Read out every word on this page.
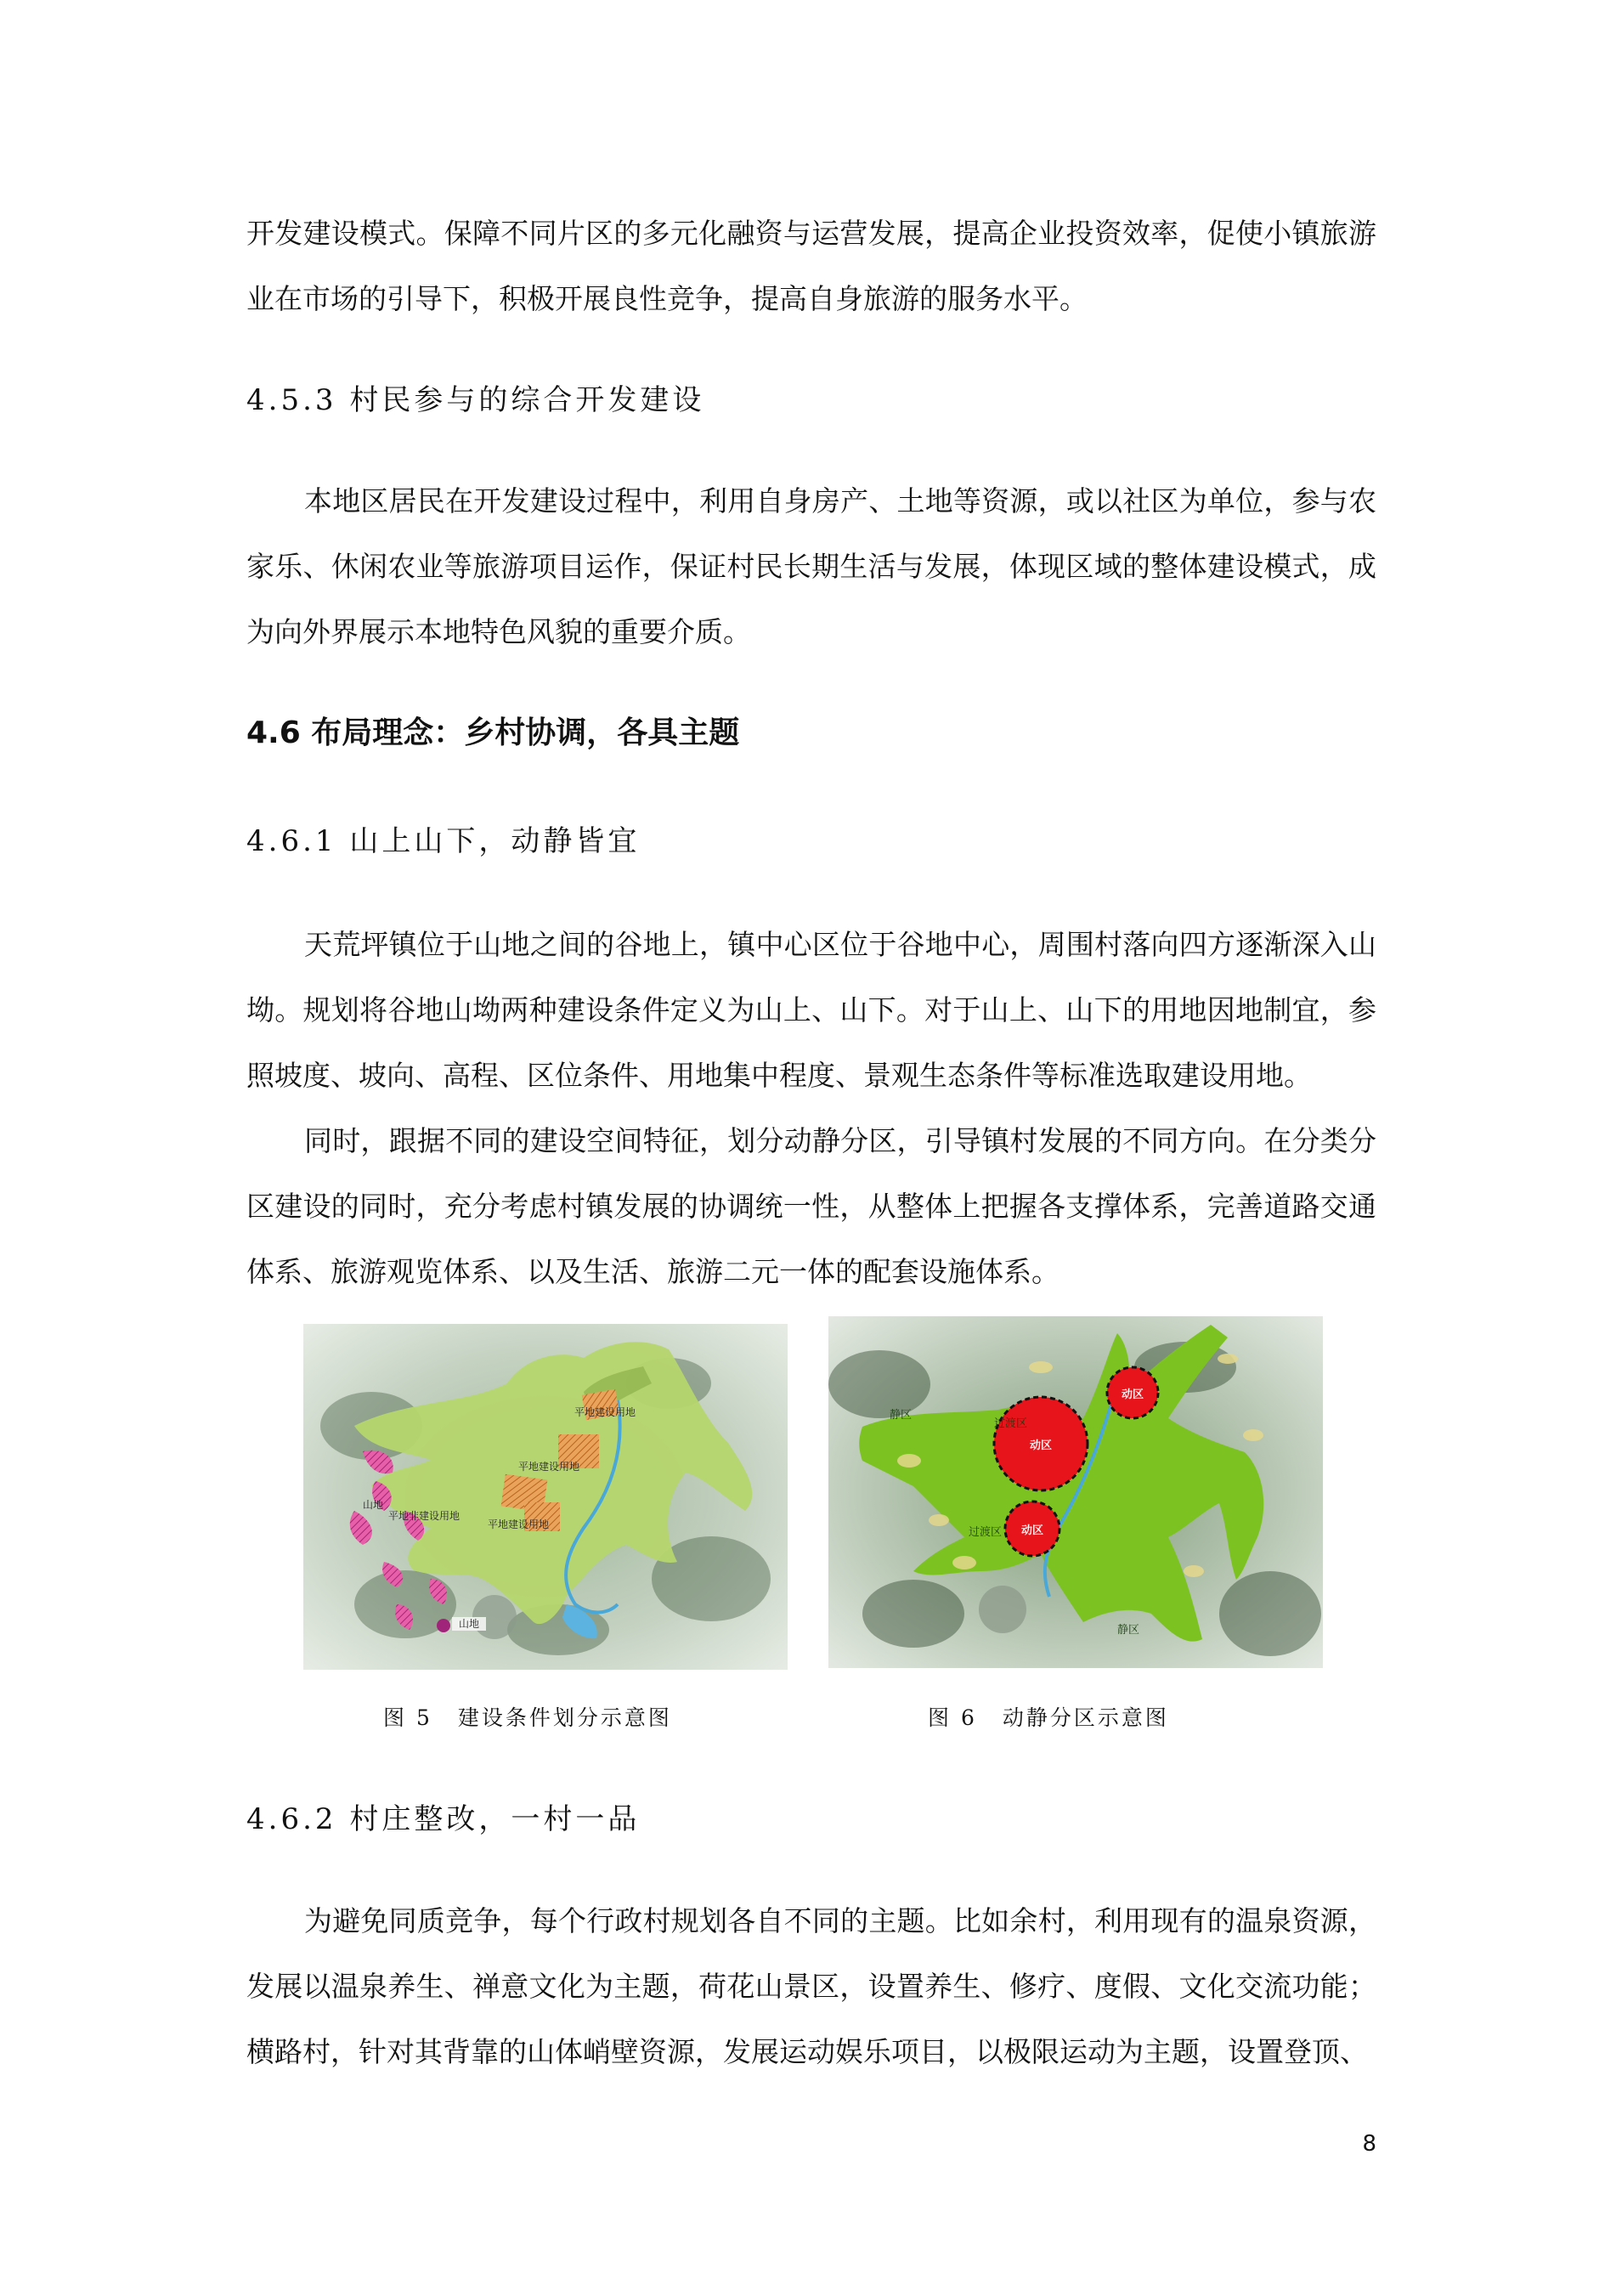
开发建设模式。保障不同片区的多元化融资与运营发展，提高企业投资效率，促使小镇旅游业在市场的引导下，积极开展良性竞争，提高自身旅游的服务水平。

4.5.3 村民参与的综合开发建设

本地区居民在开发建设过程中，利用自身房产、土地等资源，或以社区为单位，参与农家乐、休闲农业等旅游项目运作，保证村民长期生活与发展，体现区域的整体建设模式，成为向外界展示本地特色风貌的重要介质。

4.6 布局理念：乡村协调，各具主题

4.6.1 山上山下，动静皆宜

天荒坪镇位于山地之间的谷地上，镇中心区位于谷地中心，周围村落向四方逐渐深入山坳。规划将谷地山坳两种建设条件定义为山上、山下。对于山上、山下的用地因地制宜，参照坡度、坡向、高程、区位条件、用地集中程度、景观生态条件等标准选取建设用地。

同时，跟据不同的建设空间特征，划分动静分区，引导镇村发展的不同方向。在分类分区建设的同时，充分考虑村镇发展的协调统一性，从整体上把握各支撑体系，完善道路交通体系、旅游观览体系、以及生活、旅游二元一体的配套设施体系。

平地建设用地
平地建设用地
平地建设用地
平地非建设用地
山地
山地
动区
动区
动区
过渡区
过渡区
静区
静区
图 5 建设条件划分示意图	图 6 动静分区示意图

4.6.2 村庄整改，一村一品

为避免同质竞争，每个行政村规划各自不同的主题。比如余村，利用现有的温泉资源，发展以温泉养生、禅意文化为主题，荷花山景区，设置养生、修疗、度假、文化交流功能；横路村，针对其背靠的山体峭壁资源，发展运动娱乐项目，以极限运动为主题，设置登顶、

8
